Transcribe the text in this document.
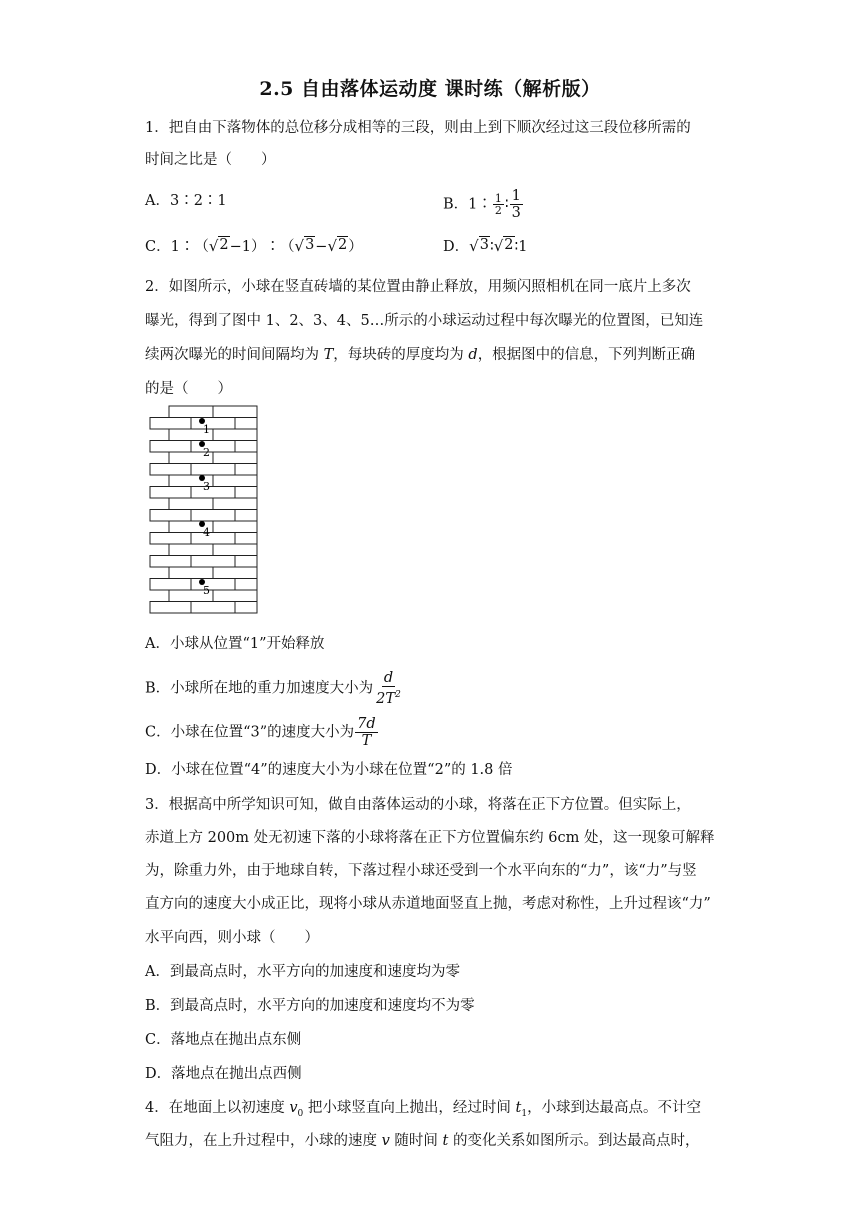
2.5 自由落体运动度 课时练（解析版）
1．把自由下落物体的总位移分成相等的三段，则由上到下顺次经过这三段位移所需的
时间之比是（　　）
A．3∶2∶1	B．1∶ $\frac{1}{2}$ ∶ $\frac{1}{3}$
C．1∶（ √ 2 −1）∶（ √ 3 − √ 2 ）	D． √ 3 ∶ √ 2 ∶1
2．如图所示，小球在竖直砖墙的某位置由静止释放，用频闪照相机在同一底片上多次
曝光，得到了图中 1、2、3、4、5…所示的小球运动过程中每次曝光的位置图，已知连
续两次曝光的时间间隔均为 T，每块砖的厚度均为 d，根据图中的信息，下列判断正确
的是（　　）
1
2
3
4
5
A．小球从位置“1”开始释放
B．小球所在地的重力加速度大小为 $\frac{d}{2T^2}$
C．小球在位置“3”的速度大小为 $\frac{7d}{T}$
D．小球在位置“4”的速度大小为小球在位置“2”的 1.8 倍
3．根据高中所学知识可知，做自由落体运动的小球，将落在正下方位置。但实际上，
赤道上方 200m 处无初速下落的小球将落在正下方位置偏东约 6cm 处，这一现象可解释
为，除重力外，由于地球自转，下落过程小球还受到一个水平向东的“力”，该“力”与竖
直方向的速度大小成正比，现将小球从赤道地面竖直上抛，考虑对称性，上升过程该“力”
水平向西，则小球（　　）
A．到最高点时，水平方向的加速度和速度均为零
B．到最高点时，水平方向的加速度和速度均不为零
C．落地点在抛出点东侧
D．落地点在抛出点西侧
4．在地面上以初速度 $v_0$ 把小球竖直向上抛出，经过时间 $t_1$，小球到达最高点。不计空
气阻力，在上升过程中，小球的速度 v 随时间 t 的变化关系如图所示。到达最高点时，
